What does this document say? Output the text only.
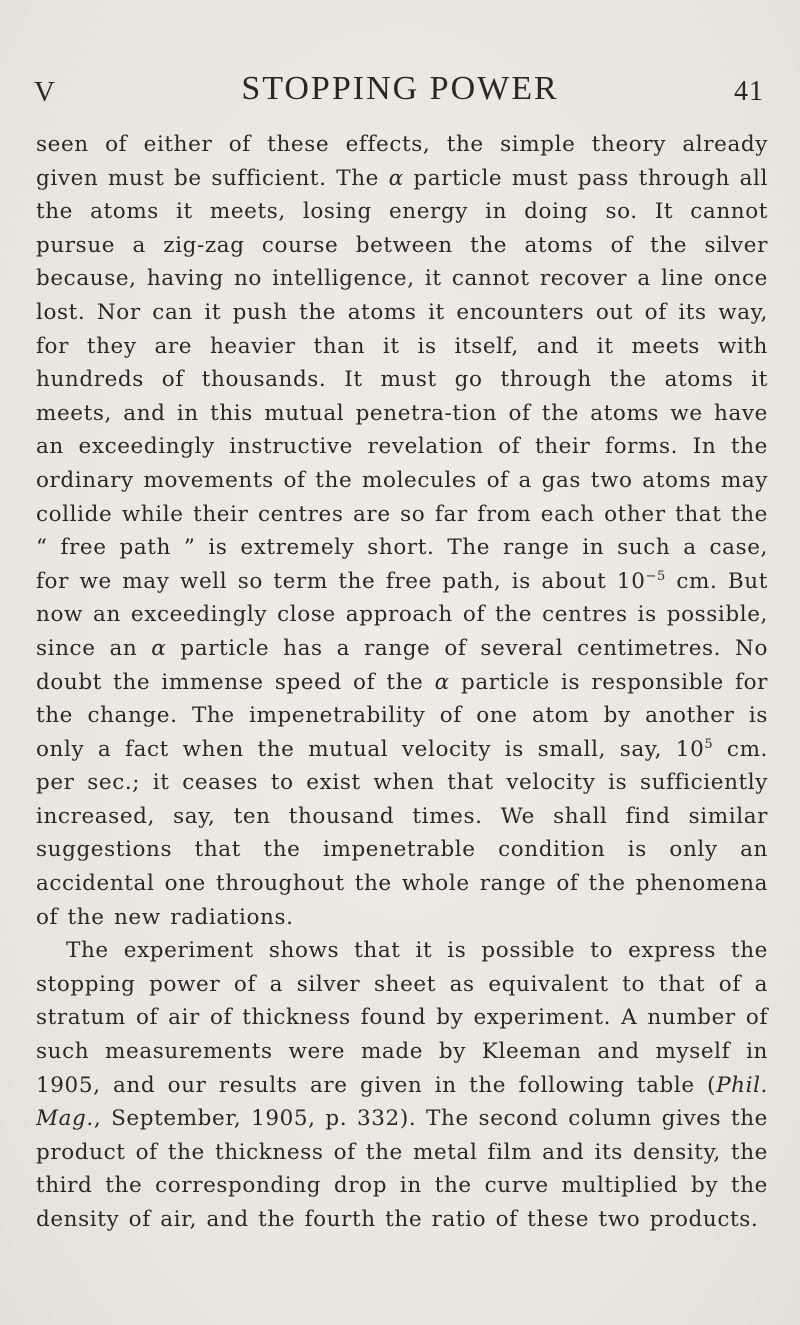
V	STOPPING POWER	41

seen of either of these effects, the simple theory already given must be sufficient. The α particle must pass through all the atoms it meets, losing energy in doing so. It cannot pursue a zig-zag course between the atoms of the silver because, having no intelligence, it cannot recover a line once lost. Nor can it push the atoms it encounters out of its way, for they are heavier than it is itself, and it meets with hundreds of thousands. It must go through the atoms it meets, and in this mutual penetra-tion of the atoms we have an exceedingly instructive revelation of their forms. In the ordinary movements of the molecules of a gas two atoms may collide while their centres are so far from each other that the “ free path ” is extremely short. The range in such a case, for we may well so term the free path, is about $10^{-5}$ cm. But now an exceedingly close approach of the centres is possible, since an α particle has a range of several centimetres. No doubt the immense speed of the α particle is responsible for the change. The impenetrability of one atom by another is only a fact when the mutual velocity is small, say, $10^5$ cm. per sec.; it ceases to exist when that velocity is sufficiently increased, say, ten thousand times. We shall find similar suggestions that the impenetrable condition is only an accidental one throughout the whole range of the phenomena of the new radiations.

The experiment shows that it is possible to express the stopping power of a silver sheet as equivalent to that of a stratum of air of thickness found by experiment. A number of such measurements were made by Kleeman and myself in 1905, and our results are given in the following table (Phil. Mag., September, 1905, p. 332). The second column gives the product of the thickness of the metal film and its density, the third the corresponding drop in the curve multiplied by the density of air, and the fourth the ratio of these two products.
